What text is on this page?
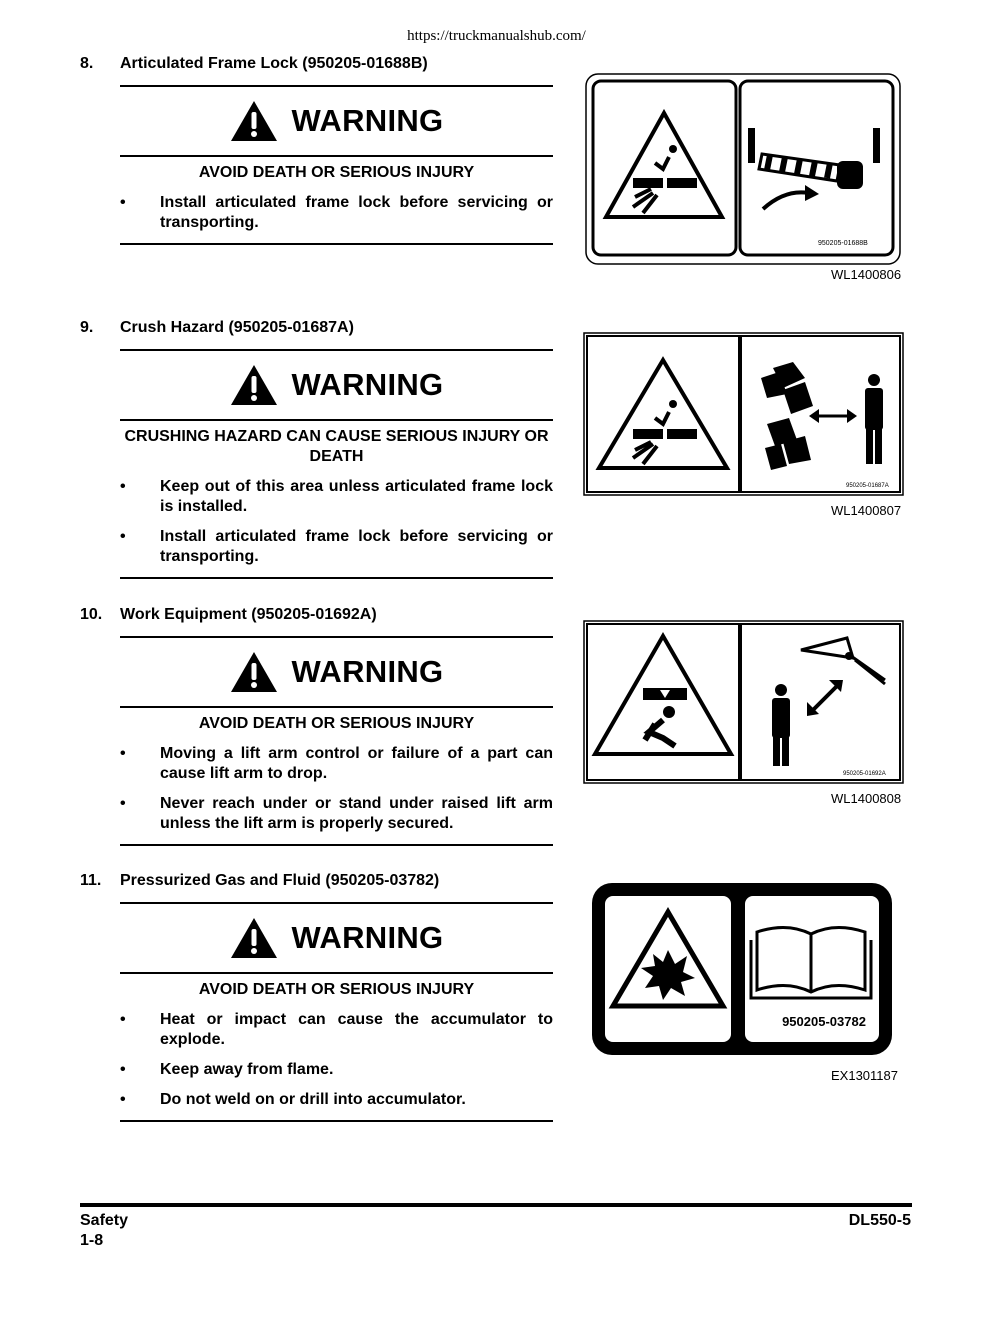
https://truckmanualshub.com/
8. Articulated Frame Lock (950205-01688B)
WARNING
AVOID DEATH OR SERIOUS INJURY
• Install articulated frame lock before servicing or transporting.
950205-01688B
WL1400806
9. Crush Hazard (950205-01687A)
WARNING
CRUSHING HAZARD CAN CAUSE SERIOUS INJURY OR DEATH
• Keep out of this area unless articulated frame lock is installed.
• Install articulated frame lock before servicing or transporting.
950205-01687A
WL1400807
10. Work Equipment (950205-01692A)
WARNING
AVOID DEATH OR SERIOUS INJURY
• Moving a lift arm control or failure of a part can cause lift arm to drop.
• Never reach under or stand under raised lift arm unless the lift arm is properly secured.
950205-01692A
WL1400808
11. Pressurized Gas and Fluid (950205-03782)
WARNING
AVOID DEATH OR SERIOUS INJURY
• Heat or impact can cause the accumulator to explode.
• Keep away from flame.
• Do not weld on or drill into accumulator.
950205-03782
EX1301187
Safety
1-8
DL550-5
